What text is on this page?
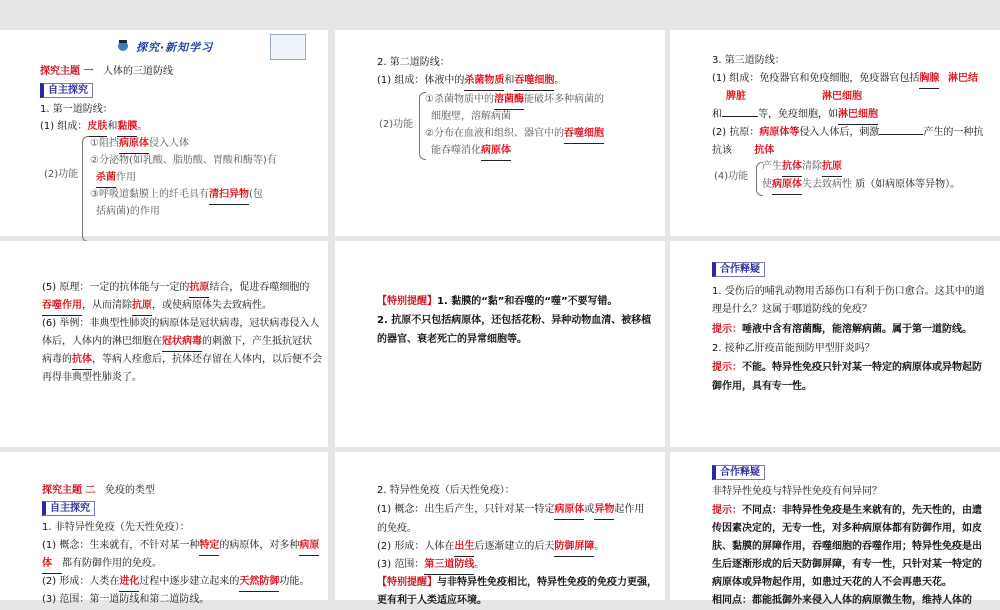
探究·新知学习
探究主题 一 人体的三道防线
自主探究
1. 第一道防线：
(1) 组成：皮肤和黏膜。
(2)功能
①阻挡病原体侵入人体
②分泌物(如乳酸、脂肪酸、胃酸和酶等)有
杀菌作用
③呼吸道黏膜上的纤毛具有清扫异物(包
括病菌)的作用
2. 第二道防线：
(1) 组成：体液中的杀菌物质和吞噬细胞。
(2)功能
①杀菌物质中的溶菌酶能破坏多种病菌的
细胞壁，溶解病菌
②分布在血液和组织、器官中的吞噬细胞
能吞噬消化病原体
3. 第三道防线：
(1) 组成：免疫器官和免疫细胞，免疫器官包括胸腺 淋巴结
脾脏	淋巴细胞
和	等，免疫细胞，如淋巴细胞
(2) 抗原：病原体等侵入人体后，刺激	产生的一种抗
抗该 抗体
(4)功能
产生抗体清除抗原
使病原体失去致病性 质（如病原体等异物）。
(5) 原理：一定的抗体能与一定的抗原结合，促进吞噬细胞的
吞噬作用，从而清除抗原，或使病原体失去致病性。
(6) 举例：非典型性肺炎的病原体是冠状病毒，冠状病毒侵入人
体后，人体内的淋巴细胞在冠状病毒的刺激下，产生抵抗冠状
病毒的抗体，等病人痊愈后，抗体还存留在人体内，以后便不会
再得非典型性肺炎了。
【特别提醒】1. 黏膜的“黏”和吞噬的“噬”不要写错。
2. 抗原不只包括病原体，还包括花粉、异种动物血清、被移植
的器官、衰老死亡的异常细胞等。
合作释疑
1. 受伤后的哺乳动物用舌舔伤口有利于伤口愈合。这其中的道
理是什么？这属于哪道防线的免疫？
提示：唾液中含有溶菌酶，能溶解病菌。属于第一道防线。
2. 接种乙肝疫苗能预防甲型肝炎吗？
提示：不能。特异性免疫只针对某一特定的病原体或异物起防
御作用，具有专一性。
探究主题 二 免疫的类型
自主探究
1. 非特异性免疫（先天性免疫）：
(1) 概念：生来就有，不针对某一种特定的病原体，对多种病原
体 都有防御作用的免疫。
(2) 形成：人类在进化过程中逐步建立起来的天然防御功能。
(3) 范围：第一道防线和第二道防线。
2. 特异性免疫（后天性免疫）：
(1) 概念：出生后产生，只针对某一特定病原体或异物起作用
的免疫。
(2) 形成：人体在出生后逐渐建立的后天防御屏障。
(3) 范围：第三道防线。
【特别提醒】与非特异性免疫相比，特异性免疫的免疫力更强，
更有利于人类适应环境。
合作释疑
非特异性免疫与特异性免疫有何异同？
提示：不同点：非特异性免疫是生来就有的，先天性的，由遗
传因素决定的，无专一性，对多种病原体都有防御作用，如皮
肤、黏膜的屏障作用，吞噬细胞的吞噬作用；特异性免疫是出
生后逐渐形成的后天防御屏障，有专一性，只针对某一特定的
病原体或异物起作用，如患过天花的人不会再患天花。
相同点：都能抵御外来侵入人体的病原微生物，维持人体的
